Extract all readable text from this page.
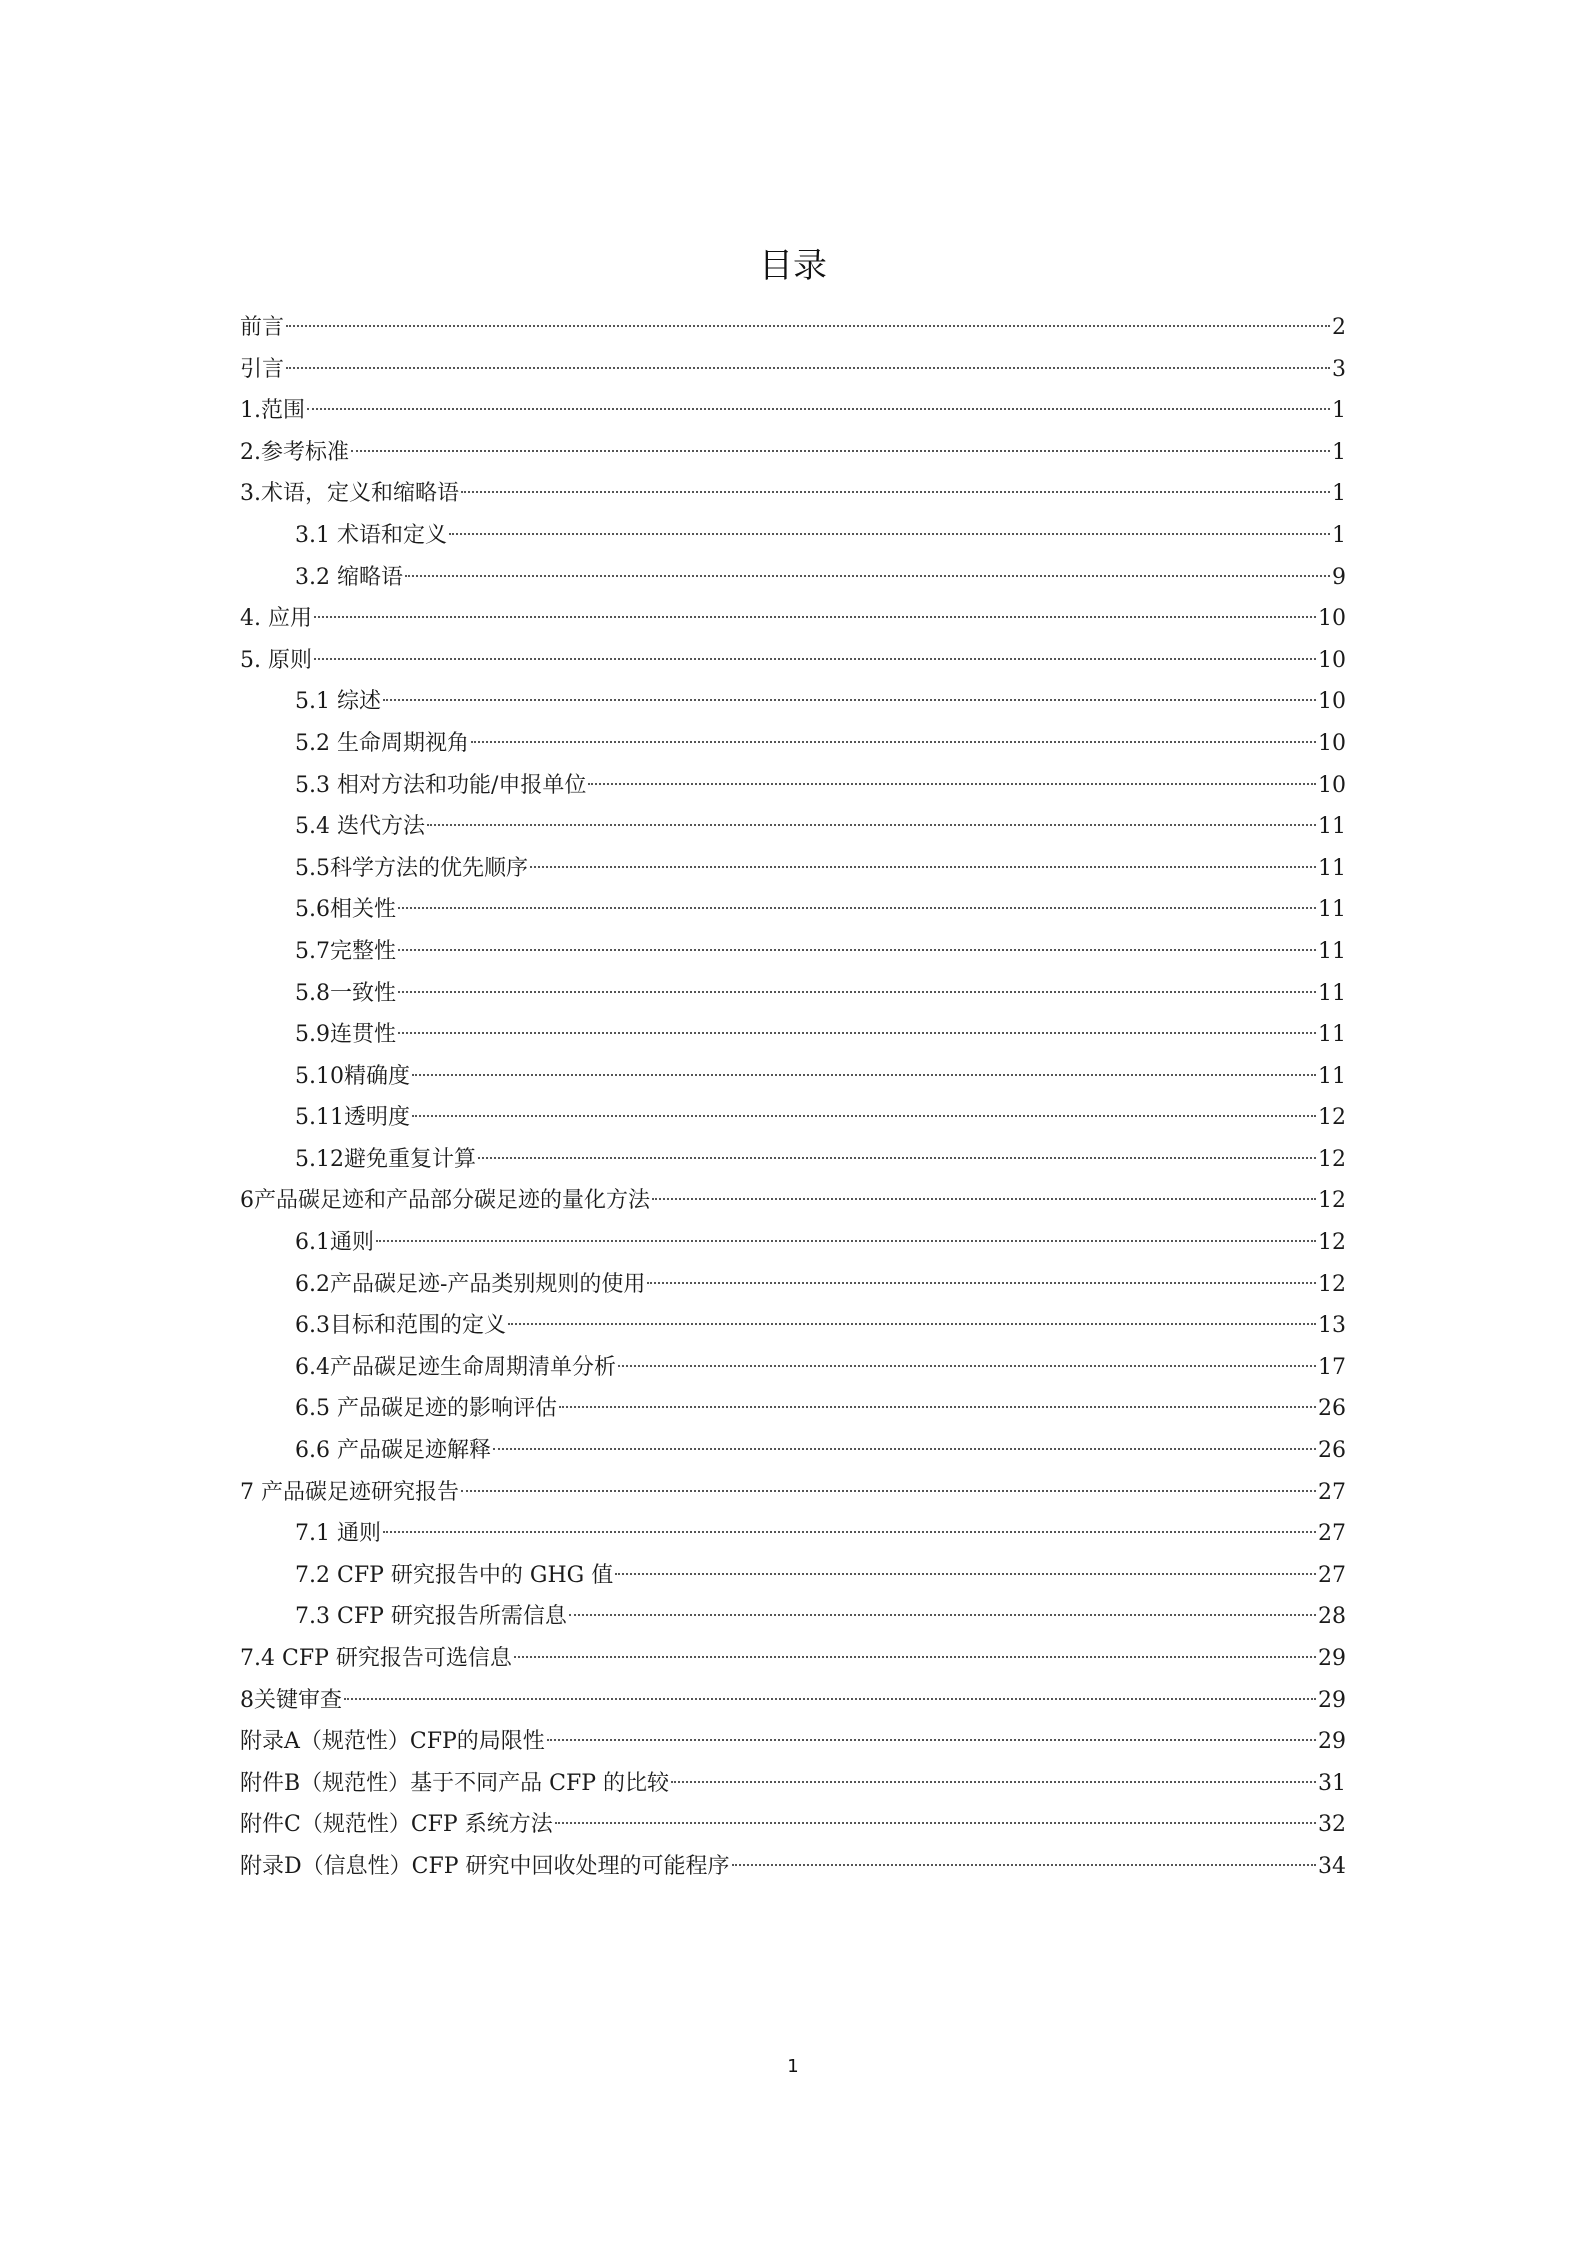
目录
前言	2
引言	3
1.范围	1
2.参考标准	1
3.术语，定义和缩略语	1
3.1 术语和定义	1
3.2 缩略语	9
4. 应用	10
5. 原则	10
5.1 综述	10
5.2 生命周期视角	10
5.3 相对方法和功能/申报单位	10
5.4 迭代方法	11
5.5科学方法的优先顺序	11
5.6相关性	11
5.7完整性	11
5.8一致性	11
5.9连贯性	11
5.10精确度	11
5.11透明度	12
5.12避免重复计算	12
6产品碳足迹和产品部分碳足迹的量化方法	12
6.1通则	12
6.2产品碳足迹-产品类别规则的使用	12
6.3目标和范围的定义	13
6.4产品碳足迹生命周期清单分析	17
6.5 产品碳足迹的影响评估	26
6.6 产品碳足迹解释	26
7 产品碳足迹研究报告	27
7.1 通则	27
7.2 CFP 研究报告中的 GHG 值	27
7.3 CFP 研究报告所需信息	28
7.4 CFP 研究报告可选信息	29
8关键审查	29
附录A（规范性）CFP的局限性	29
附件B（规范性）基于不同产品 CFP 的比较	31
附件C（规范性）CFP 系统方法	32
附录D（信息性）CFP 研究中回收处理的可能程序	34
1
